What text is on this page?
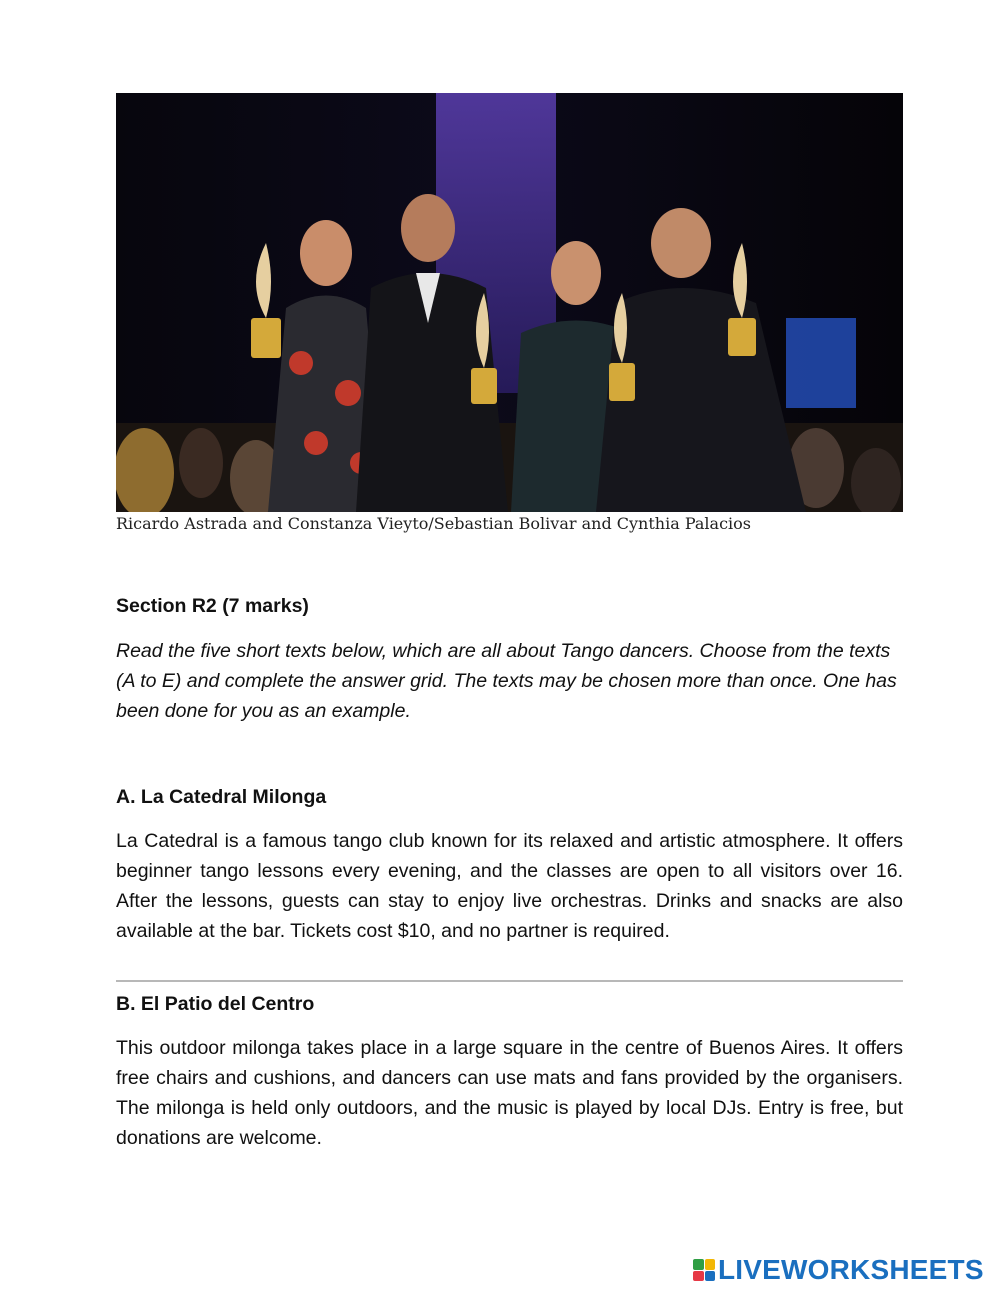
Ricardo Astrada and Constanza Vieyto/Sebastian Bolivar and Cynthia Palacios
Section R2 (7 marks)
Read the five short texts below, which are all about Tango dancers. Choose from the texts (A to E) and complete the answer grid. The texts may be chosen more than once. One has been done for you as an example.
A. La Catedral Milonga
La Catedral is a famous tango club known for its relaxed and artistic atmosphere. It offers beginner tango lessons every evening, and the classes are open to all visitors over 16. After the lessons, guests can stay to enjoy live orchestras. Drinks and snacks are also available at the bar. Tickets cost $10, and no partner is required.
B. El Patio del Centro
This outdoor milonga takes place in a large square in the centre of Buenos Aires. It offers free chairs and cushions, and dancers can use mats and fans provided by the organisers. The milonga is held only outdoors, and the music is played by local DJs. Entry is free, but donations are welcome.
LIVEWORKSHEETS
